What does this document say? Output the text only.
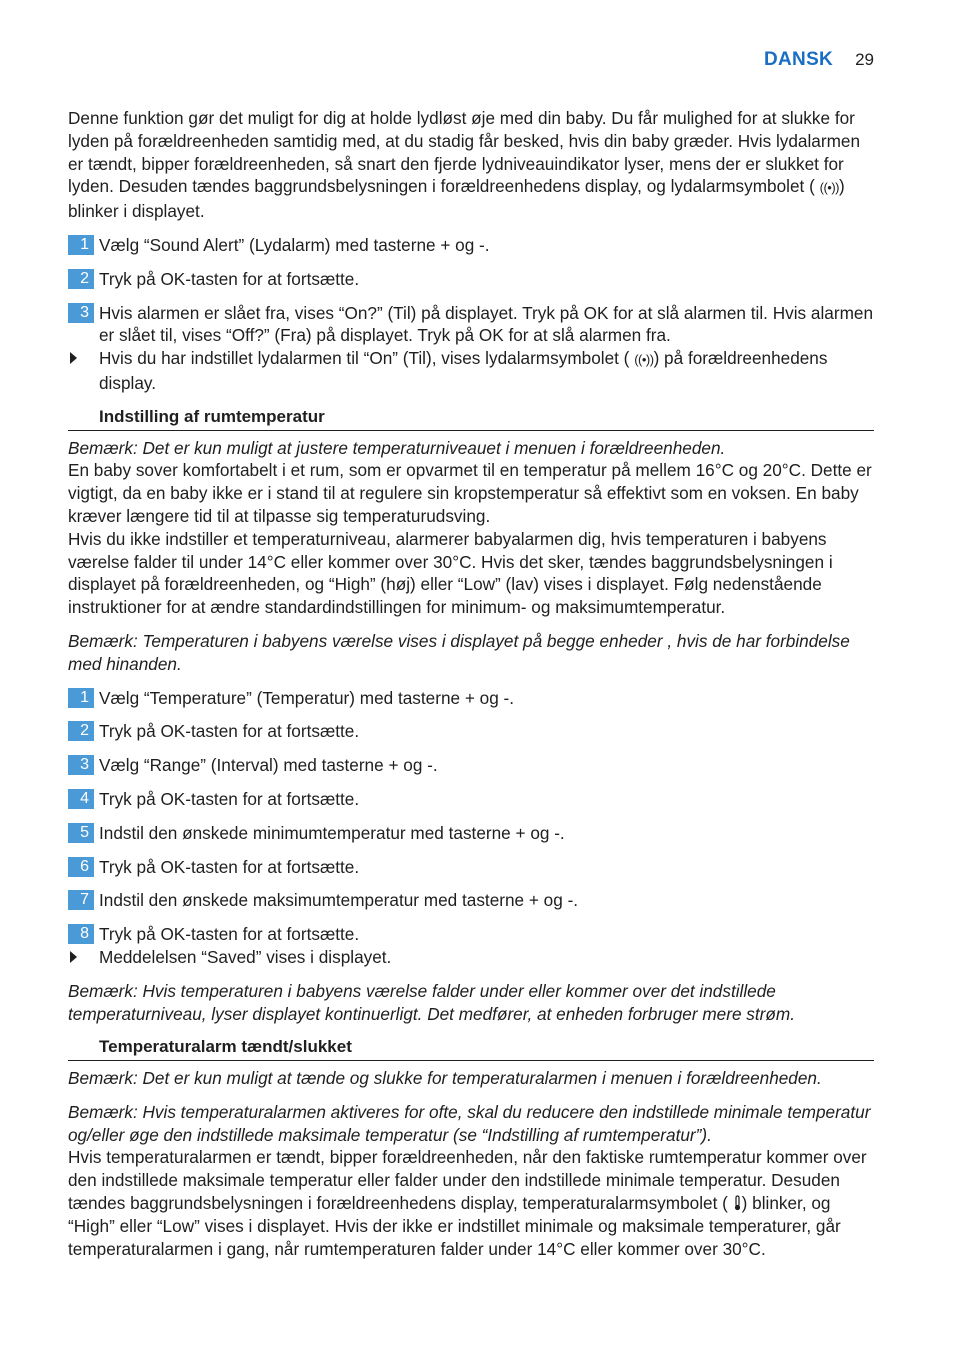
DANSK 29

Denne funktion gør det muligt for dig at holde lydløst øje med din baby. Du får mulighed for at slukke for lyden på forældreenheden samtidig med, at du stadig får besked, hvis din baby græder. Hvis lydalarmen er tændt, bipper forældreenheden, så snart den fjerde lydniveauindikator lyser, mens der er slukket for lyden. Desuden tændes baggrundsbelysningen i forældreenhedens display, og lydalarmsymbolet ( ((•))) blinker i displayet.

1 Vælg “Sound Alert” (Lydalarm) med tasterne + og -.
2 Tryk på OK-tasten for at fortsætte.
3 Hvis alarmen er slået fra, vises “On?” (Til) på displayet. Tryk på OK for at slå alarmen til. Hvis alarmen er slået til, vises “Off?” (Fra) på displayet. Tryk på OK for at slå alarmen fra.
Hvis du har indstillet lydalarmen til “On” (Til), vises lydalarmsymbolet ( ((•))) på forældreenhedens display.
Indstilling af rumtemperatur

Bemærk: Det er kun muligt at justere temperaturniveauet i menuen i forældreenheden.

En baby sover komfortabelt i et rum, som er opvarmet til en temperatur på mellem 16°C og 20°C. Dette er vigtigt, da en baby ikke er i stand til at regulere sin kropstemperatur så effektivt som en voksen. En baby kræver længere tid til at tilpasse sig temperaturudsving.

Hvis du ikke indstiller et temperaturniveau, alarmerer babyalarmen dig, hvis temperaturen i babyens værelse falder til under 14°C eller kommer over 30°C. Hvis det sker, tændes baggrundsbelysningen i displayet på forældreenheden, og “High” (høj) eller “Low” (lav) vises i displayet. Følg nedenstående instruktioner for at ændre standardindstillingen for minimum- og maksimumtemperatur.

Bemærk: Temperaturen i babyens værelse vises i displayet på begge enheder , hvis de har forbindelse med hinanden.

1 Vælg “Temperature” (Temperatur) med tasterne + og -.
2 Tryk på OK-tasten for at fortsætte.
3 Vælg “Range” (Interval) med tasterne + og -.
4 Tryk på OK-tasten for at fortsætte.
5 Indstil den ønskede minimumtemperatur med tasterne + og -.
6 Tryk på OK-tasten for at fortsætte.
7 Indstil den ønskede maksimumtemperatur med tasterne + og -.
8 Tryk på OK-tasten for at fortsætte.
Meddelelsen “Saved” vises i displayet.

Bemærk: Hvis temperaturen i babyens værelse falder under eller kommer over det indstillede temperaturniveau, lyser displayet kontinuerligt. Det medfører, at enheden forbruger mere strøm.

Temperaturalarm tændt/slukket

Bemærk: Det er kun muligt at tænde og slukke for temperaturalarmen i menuen i forældreenheden.

Bemærk: Hvis temperaturalarmen aktiveres for ofte, skal du reducere den indstillede minimale temperatur og/eller øge den indstillede maksimale temperatur (se “Indstilling af rumtemperatur”).

Hvis temperaturalarmen er tændt, bipper forældreenheden, når den faktiske rumtemperatur kommer over den indstillede maksimale temperatur eller falder under den indstillede minimale temperatur. Desuden tændes baggrundsbelysningen i forældreenhedens display, temperaturalarmsymbolet ( ) blinker, og “High” eller “Low” vises i displayet. Hvis der ikke er indstillet minimale og maksimale temperaturer, går temperaturalarmen i gang, når rumtemperaturen falder under 14°C eller kommer over 30°C.
